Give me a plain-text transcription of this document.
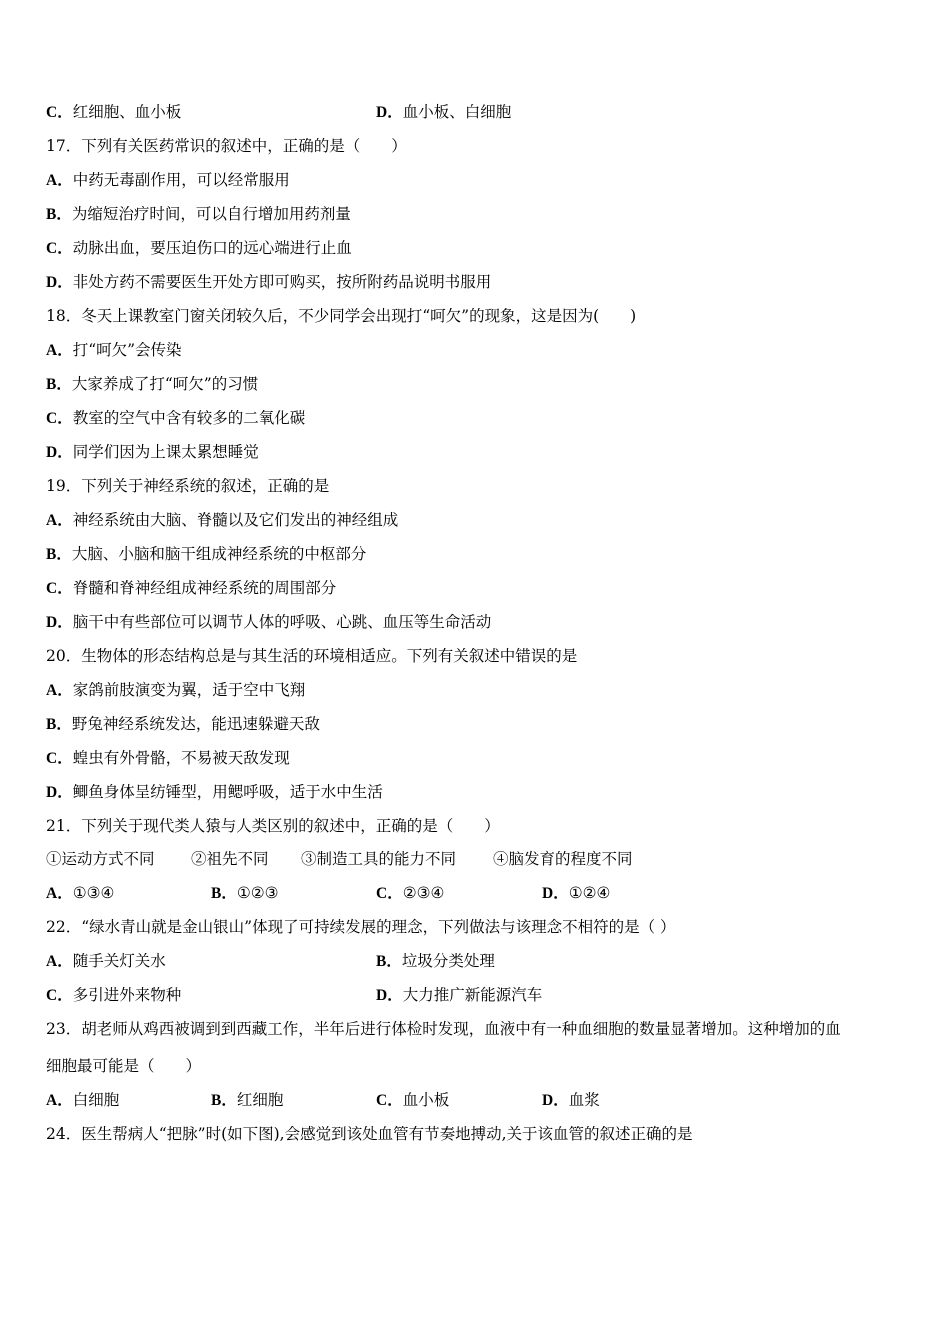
C．红细胞、血小板	D．血小板、白细胞
17．下列有关医药常识的叙述中，正确的是（　　）
A．中药无毒副作用，可以经常服用
B．为缩短治疗时间，可以自行增加用药剂量
C．动脉出血，要压迫伤口的远心端进行止血
D．非处方药不需要医生开处方即可购买，按所附药品说明书服用
18．冬天上课教室门窗关闭较久后，不少同学会出现打“呵欠”的现象，这是因为(　　)
A．打“呵欠”会传染
B．大家养成了打“呵欠”的习惯
C．教室的空气中含有较多的二氧化碳
D．同学们因为上课太累想睡觉
19．下列关于神经系统的叙述，正确的是
A．神经系统由大脑、脊髓以及它们发出的神经组成
B．大脑、小脑和脑干组成神经系统的中枢部分
C．脊髓和脊神经组成神经系统的周围部分
D．脑干中有些部位可以调节人体的呼吸、心跳、血压等生命活动
20．生物体的形态结构总是与其生活的环境相适应。下列有关叙述中错误的是
A．家鸽前肢演变为翼，适于空中飞翔
B．野兔神经系统发达，能迅速躲避天敌
C．蝗虫有外骨骼，不易被天敌发现
D．鲫鱼身体呈纺锤型，用鳃呼吸，适于水中生活
21．下列关于现代类人猿与人类区别的叙述中，正确的是（　　）
①运动方式不同 ②祖先不同 ③制造工具的能力不同 ④脑发育的程度不同
A．①③④	B．①②③	C．②③④	D．①②④
22．“绿水青山就是金山银山”体现了可持续发展的理念，下列做法与该理念不相符的是（ ）
A．随手关灯关水	B．垃圾分类处理
C．多引进外来物种	D．大力推广新能源汽车
23．胡老师从鸡西被调到到西藏工作，半年后进行体检时发现，血液中有一种血细胞的数量显著增加。这种增加的血
细胞最可能是（　　）
A．白细胞	B．红细胞	C．血小板	D．血浆
24．医生帮病人“把脉”时(如下图),会感觉到该处血管有节奏地搏动,关于该血管的叙述正确的是
